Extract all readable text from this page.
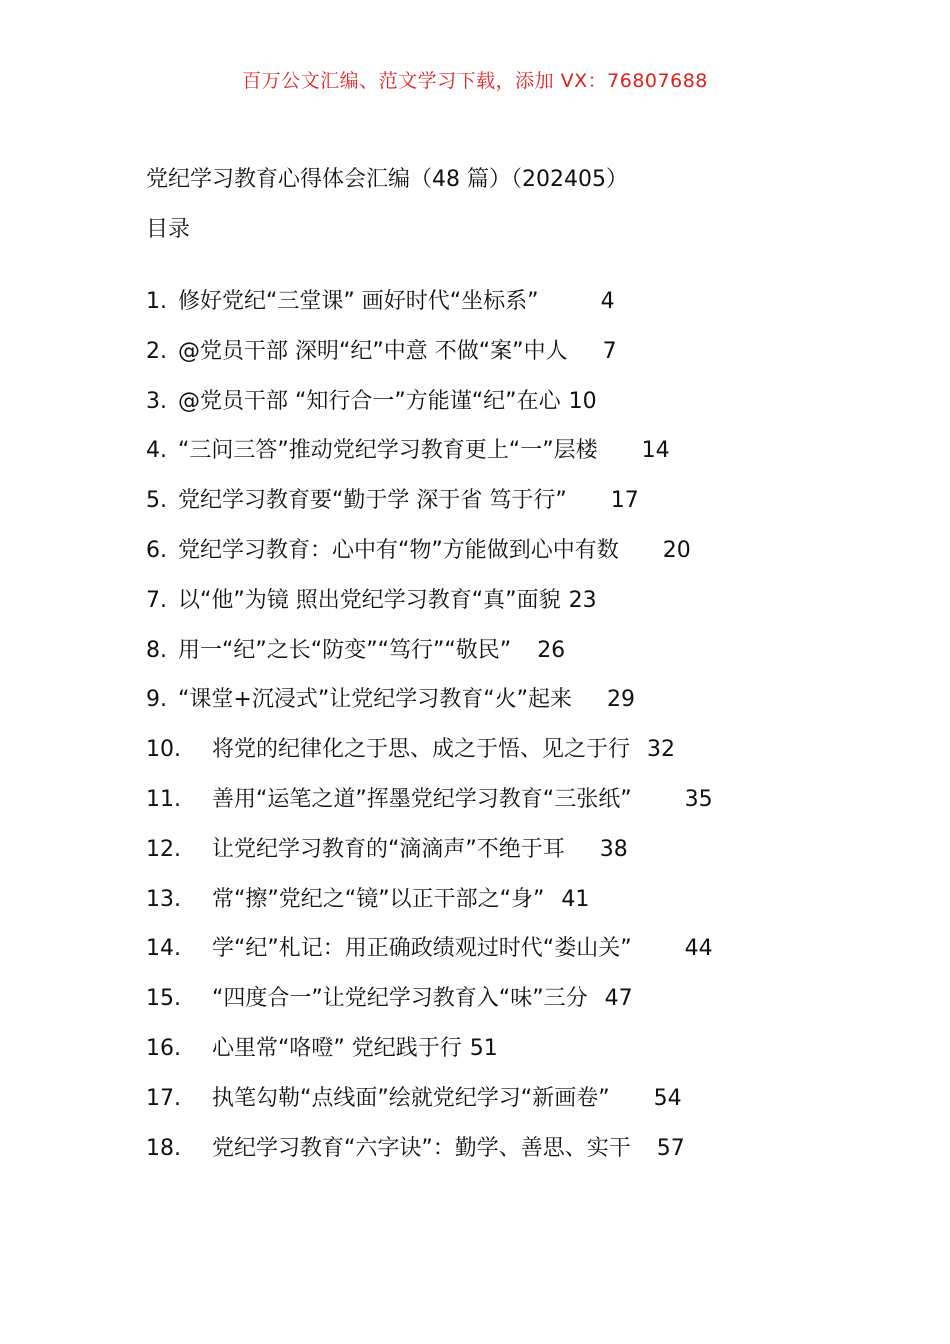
百万公文汇编、范文学习下载，添加 VX：76807688
党纪学习教育心得体会汇编（48 篇）（202405）
目录
1. 修好党纪“三堂课” 画好时代“坐标系”	4
2. @党员干部 深明“纪”中意 不做“案”中人 7
3. @党员干部 “知行合一”方能谨“纪”在心 10
4. “三问三答”推动党纪学习教育更上“一”层楼 14
5. 党纪学习教育要“勤于学 深于省 笃于行” 17
6. 党纪学习教育：心中有“物”方能做到心中有数 20
7. 以“他”为镜 照出党纪学习教育“真”面貌 23
8. 用一“纪”之长“防变”“笃行”“敬民” 26
9. “课堂+沉浸式”让党纪学习教育“火”起来 29
10. 将党的纪律化之于思、成之于悟、见之于行 32
11. 善用“运笔之道”挥墨党纪学习教育“三张纸” 35
12. 让党纪学习教育的“滴滴声”不绝于耳 38
13. 常“擦”党纪之“镜”以正干部之“身” 41
14. 学“纪”札记：用正确政绩观过时代“娄山关” 44
15. “四度合一”让党纪学习教育入“味”三分 47
16. 心里常“咯噔” 党纪践于行 51
17. 执笔勾勒“点线面”绘就党纪学习“新画卷” 54
18. 党纪学习教育“六字诀”：勤学、善思、实干 57
